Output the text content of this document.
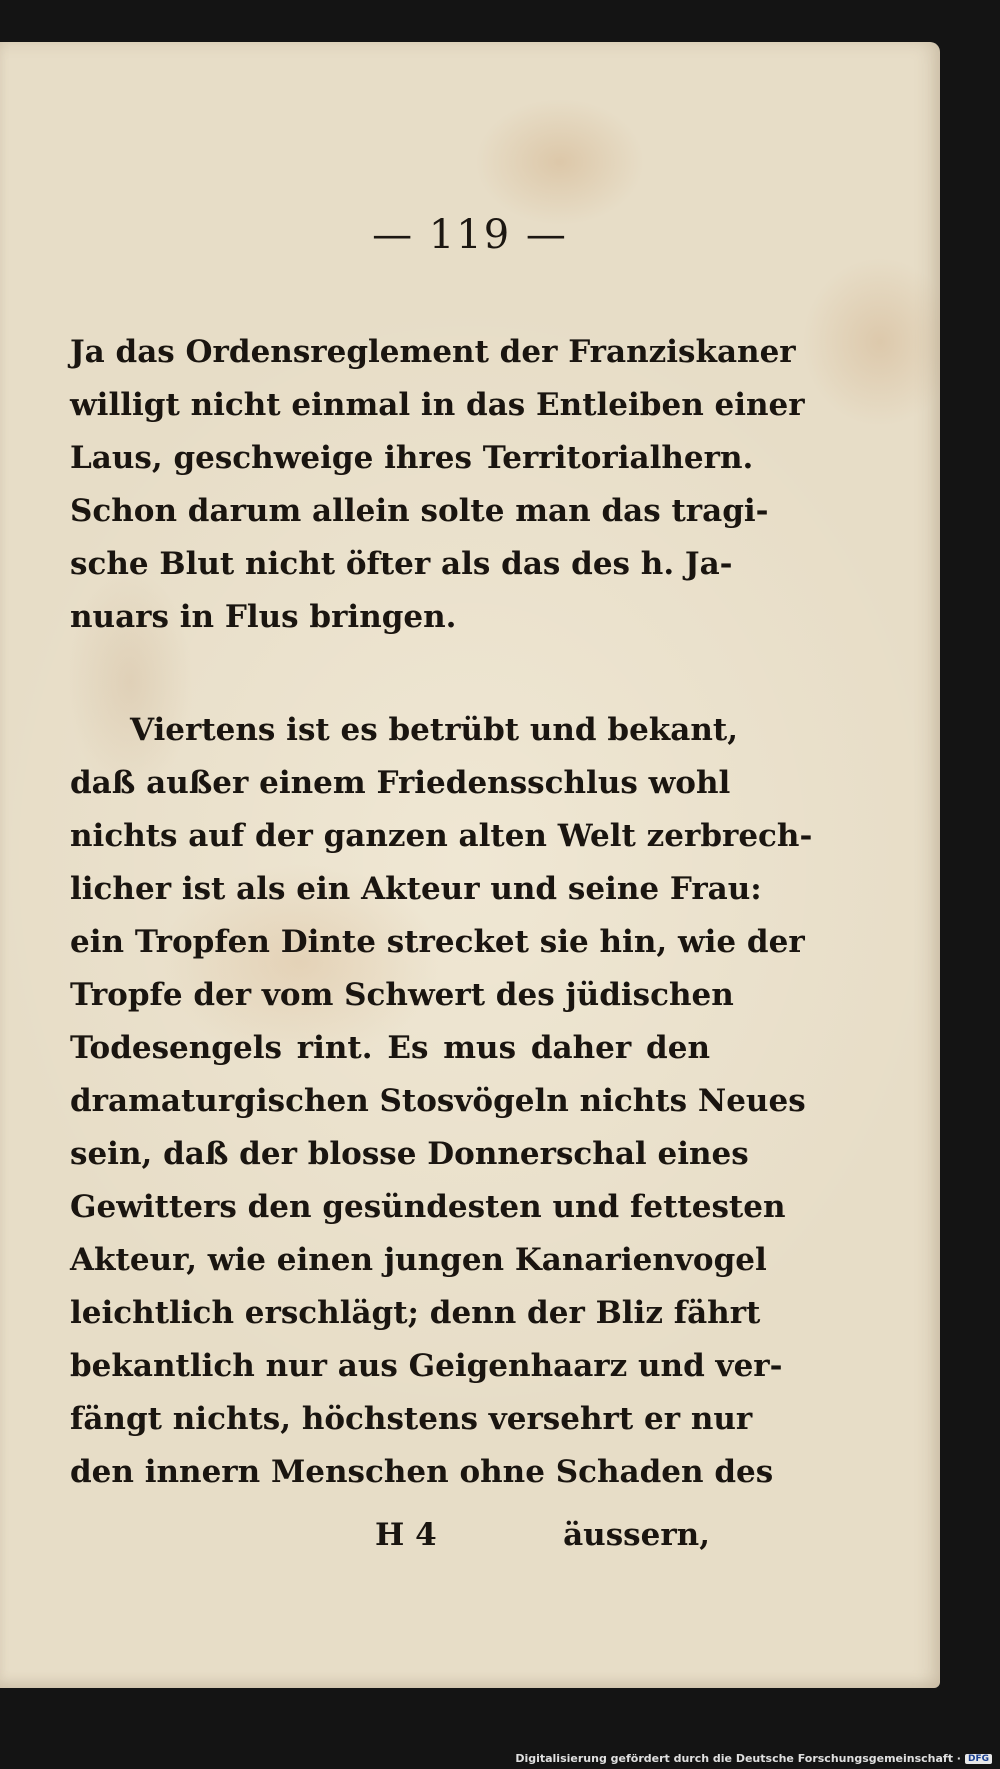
— 119 —
Ja das Ordensreglement der Franziskaner
willigt nicht einmal in das Entleiben einer
Laus, geschweige ihres Territorialhern.
Schon darum allein solte man das tragi-
sche Blut nicht öfter als das des h. Ja-
nuars in Flus bringen.
Viertens ist es betrübt und bekant,
daß außer einem Friedensschlus wohl
nichts auf der ganzen alten Welt zerbrech-
licher ist als ein Akteur und seine Frau:
ein Tropfen Dinte strecket sie hin, wie der
Tropfe der vom Schwert des jüdischen
Todesengels rint. Es mus daher den
dramaturgischen Stosvögeln nichts Neues
sein, daß der blosse Donnerschal eines
Gewitters den gesündesten und fettesten
Akteur, wie einen jungen Kanarienvogel
leichtlich erschlägt; denn der Bliz fährt
bekantlich nur aus Geigenhaarz und ver-
fängt nichts, höchstens versehrt er nur
den innern Menschen ohne Schaden des
H 4	äussern,
Digitalisierung gefördert durch die Deutsche Forschungsgemeinschaft · DFG
